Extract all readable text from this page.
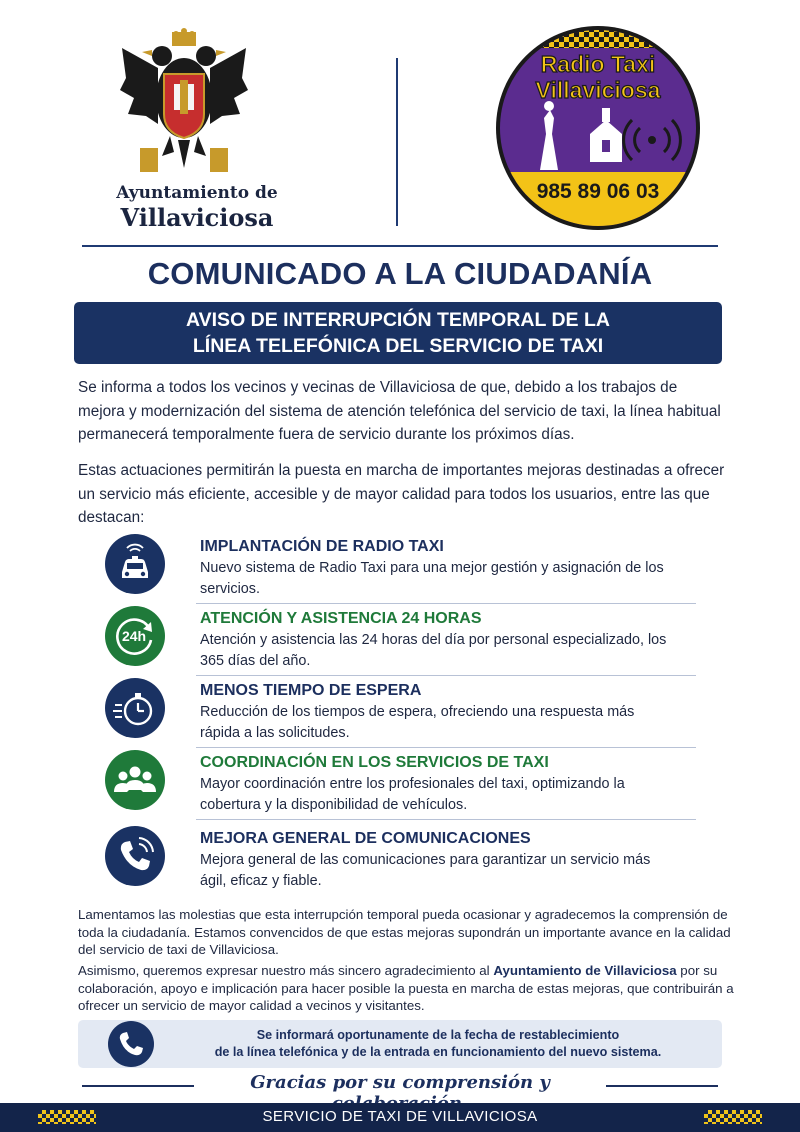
Ayuntamiento de
Villaviciosa
Radio Taxi
Villaviciosa
985 89 06 03
COMUNICADO A LA CIUDADANÍA
AVISO DE INTERRUPCIÓN TEMPORAL DE LA
LÍNEA TELEFÓNICA DEL SERVICIO DE TAXI
Se informa a todos los vecinos y vecinas de Villaviciosa de que, debido a los trabajos de mejora y modernización del sistema de atención telefónica del servicio de taxi, la línea habitual permanecerá temporalmente fuera de servicio durante los próximos días.
Estas actuaciones permitirán la puesta en marcha de importantes mejoras destinadas a ofrecer un servicio más eficiente, accesible y de mayor calidad para todos los usuarios, entre las que destacan:
IMPLANTACIÓN DE RADIO TAXI
Nuevo sistema de Radio Taxi para una mejor gestión y asignación de los servicios.
24h
ATENCIÓN Y ASISTENCIA 24 HORAS
Atención y asistencia las 24 horas del día por personal especializado, los 365 días del año.
MENOS TIEMPO DE ESPERA
Reducción de los tiempos de espera, ofreciendo una respuesta más rápida a las solicitudes.
COORDINACIÓN EN LOS SERVICIOS DE TAXI
Mayor coordinación entre los profesionales del taxi, optimizando la cobertura y la disponibilidad de vehículos.
MEJORA GENERAL DE COMUNICACIONES
Mejora general de las comunicaciones para garantizar un servicio más ágil, eficaz y fiable.
Lamentamos las molestias que esta interrupción temporal pueda ocasionar y agradecemos la comprensión de toda la ciudadanía. Estamos convencidos de que estas mejoras supondrán un importante avance en la calidad del servicio de taxi de Villaviciosa.
Asimismo, queremos expresar nuestro más sincero agradecimiento al Ayuntamiento de Villaviciosa por su colaboración, apoyo e implicación para hacer posible la puesta en marcha de estas mejoras, que contribuirán a ofrecer un servicio de mayor calidad a vecinos y visitantes.
Se informará oportunamente de la fecha de restablecimiento
de la línea telefónica y de la entrada en funcionamiento del nuevo sistema.
Gracias por su comprensión y
SERVICIO DE TAXI DE VILLAVICIOSA
